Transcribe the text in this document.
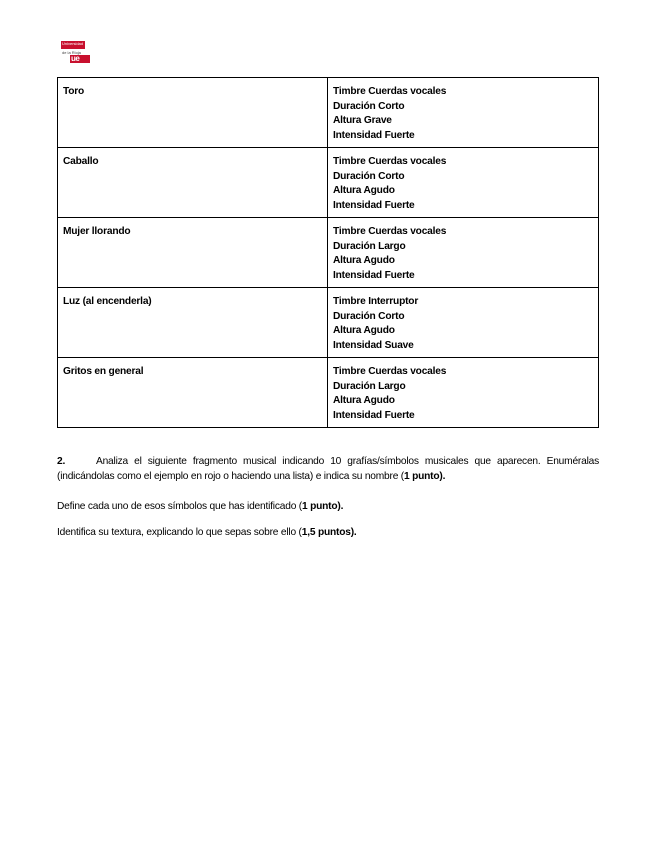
Universidad
de la Rioja
ue
Toro	Timbre Cuerdas vocales
Duración Corto
Altura Grave
Intensidad Fuerte

Caballo	Timbre Cuerdas vocales
Duración Corto
Altura Agudo
Intensidad Fuerte

Mujer llorando	Timbre Cuerdas vocales
Duración Largo
Altura Agudo
Intensidad Fuerte

Luz (al encenderla)	Timbre Interruptor
Duración Corto
Altura Agudo
Intensidad Suave

Gritos en general	Timbre Cuerdas vocales
Duración Largo
Altura Agudo
Intensidad Fuerte
2.	Analiza el siguiente fragmento musical indicando 10 grafías/símbolos musicales que aparecen. Enuméralas (indicándolas como el ejemplo en rojo o haciendo una lista) e indica su nombre (1 punto).
Define cada uno de esos símbolos que has identificado (1 punto).
Identifica su textura, explicando lo que sepas sobre ello (1,5 puntos).
